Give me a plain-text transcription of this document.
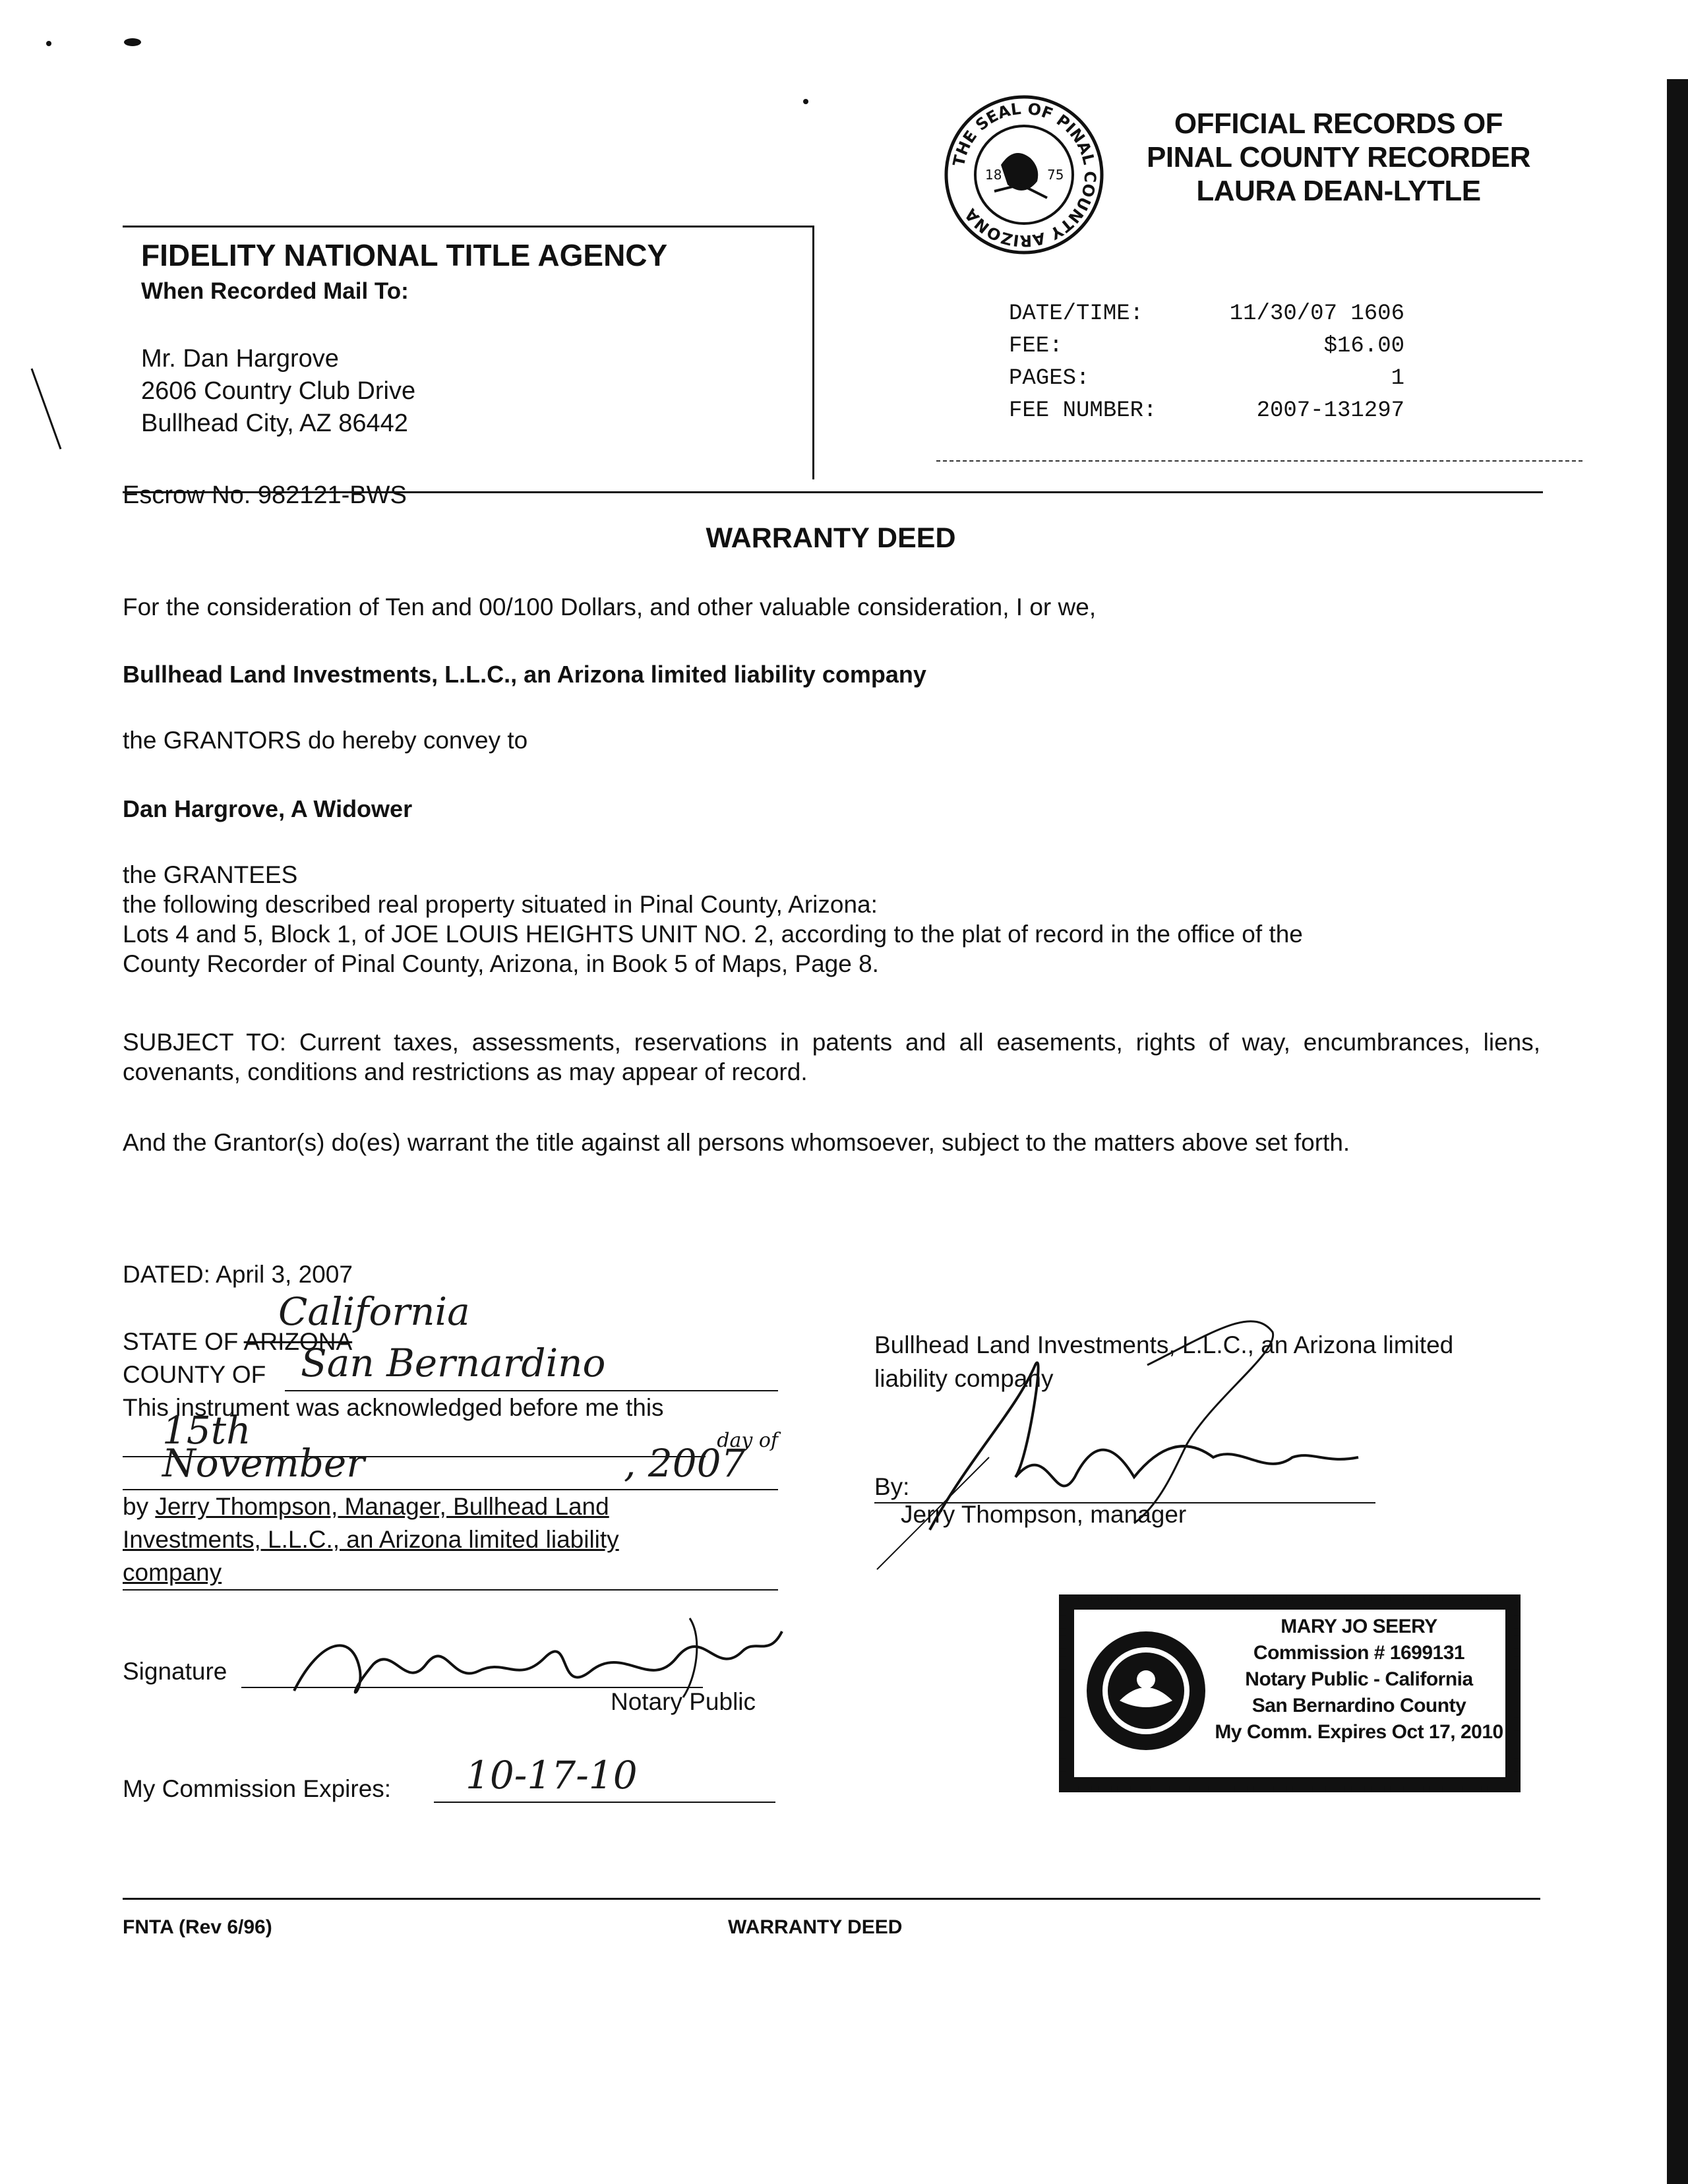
THE SEAL OF PINAL COUNTY ARIZONA
18	75
OFFICIAL RECORDS OF
PINAL COUNTY RECORDER
LAURA DEAN-LYTLE
DATE/TIME:	11/30/07 1606
FEE:	$16.00
PAGES:	1
FEE NUMBER:	2007-131297
FIDELITY NATIONAL TITLE AGENCY
When Recorded Mail To:
Mr. Dan Hargrove
2606 Country Club Drive
Bullhead City, AZ 86442
Escrow No. 982121-BWS
WARRANTY DEED
For the consideration of Ten and 00/100 Dollars, and other valuable consideration, I or we,
Bullhead Land Investments, L.L.C., an Arizona limited liability company
the GRANTORS do hereby convey to
Dan Hargrove, A Widower
the GRANTEES
the following described real property situated in Pinal County, Arizona:
Lots 4 and 5, Block 1, of JOE LOUIS HEIGHTS UNIT NO. 2, according to the plat of record in the office of the
County Recorder of Pinal County, Arizona, in Book 5 of Maps, Page 8.
SUBJECT TO: Current taxes, assessments, reservations in patents and all easements, rights of way, encumbrances, liens, covenants, conditions and restrictions as may appear of record.
And the Grantor(s) do(es) warrant the title against all persons whomsoever, subject to the matters above set forth.
DATED: April 3, 2007
STATE OF ARIZONA
California
COUNTY OF San Bernardino
This instrument was acknowledged before me this
15th	day of
November	, 2007
by Jerry Thompson, Manager, Bullhead Land
Investments, L.L.C., an Arizona limited liability
company
Signature
Notary Public
My Commission Expires: 10-17-10
Bullhead Land Investments, L.L.C., an Arizona limited
liability company
By:
Jerry Thompson, manager
MARY JO SEERY
Commission # 1699131
Notary Public - California
San Bernardino County
My Comm. Expires Oct 17, 2010
FNTA (Rev 6/96)	WARRANTY DEED
